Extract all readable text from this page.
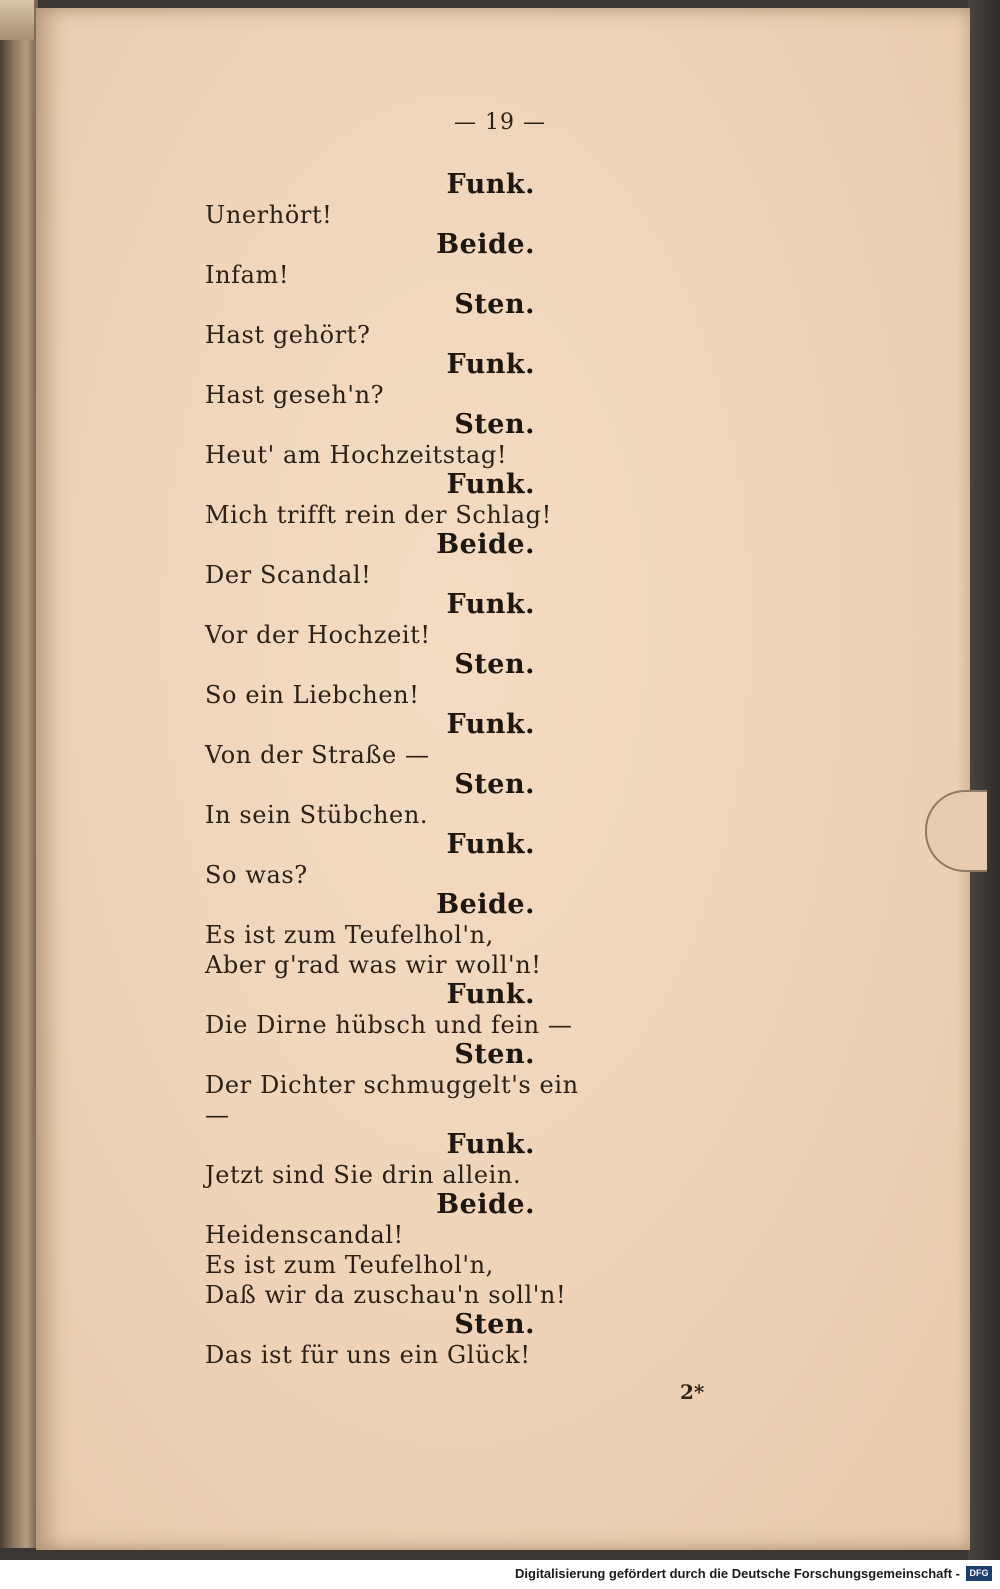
— 19 —
Funk.
Unerhört!
Beide.
Infam!
Sten.
Hast gehört?
Funk.
Hast geseh'n?
Sten.
Heut' am Hochzeitstag!
Funk.
Mich trifft rein der Schlag!
Beide.
Der Scandal!
Funk.
Vor der Hochzeit!
Sten.
So ein Liebchen!
Funk.
Von der Straße —
Sten.
In sein Stübchen.
Funk.
So was?
Beide.
Es ist zum Teufelhol'n,
Aber g'rad was wir woll'n!
Funk.
Die Dirne hübsch und fein —
Sten.
Der Dichter schmuggelt's ein —
Funk.
Jetzt sind Sie drin allein.
Beide.
Heidenscandal!
Es ist zum Teufelhol'n,
Daß wir da zuschau'n soll'n!
Sten.
Das ist für uns ein Glück!
2*
Digitalisierung gefördert durch die Deutsche Forschungsgemeinschaft -	DFG
